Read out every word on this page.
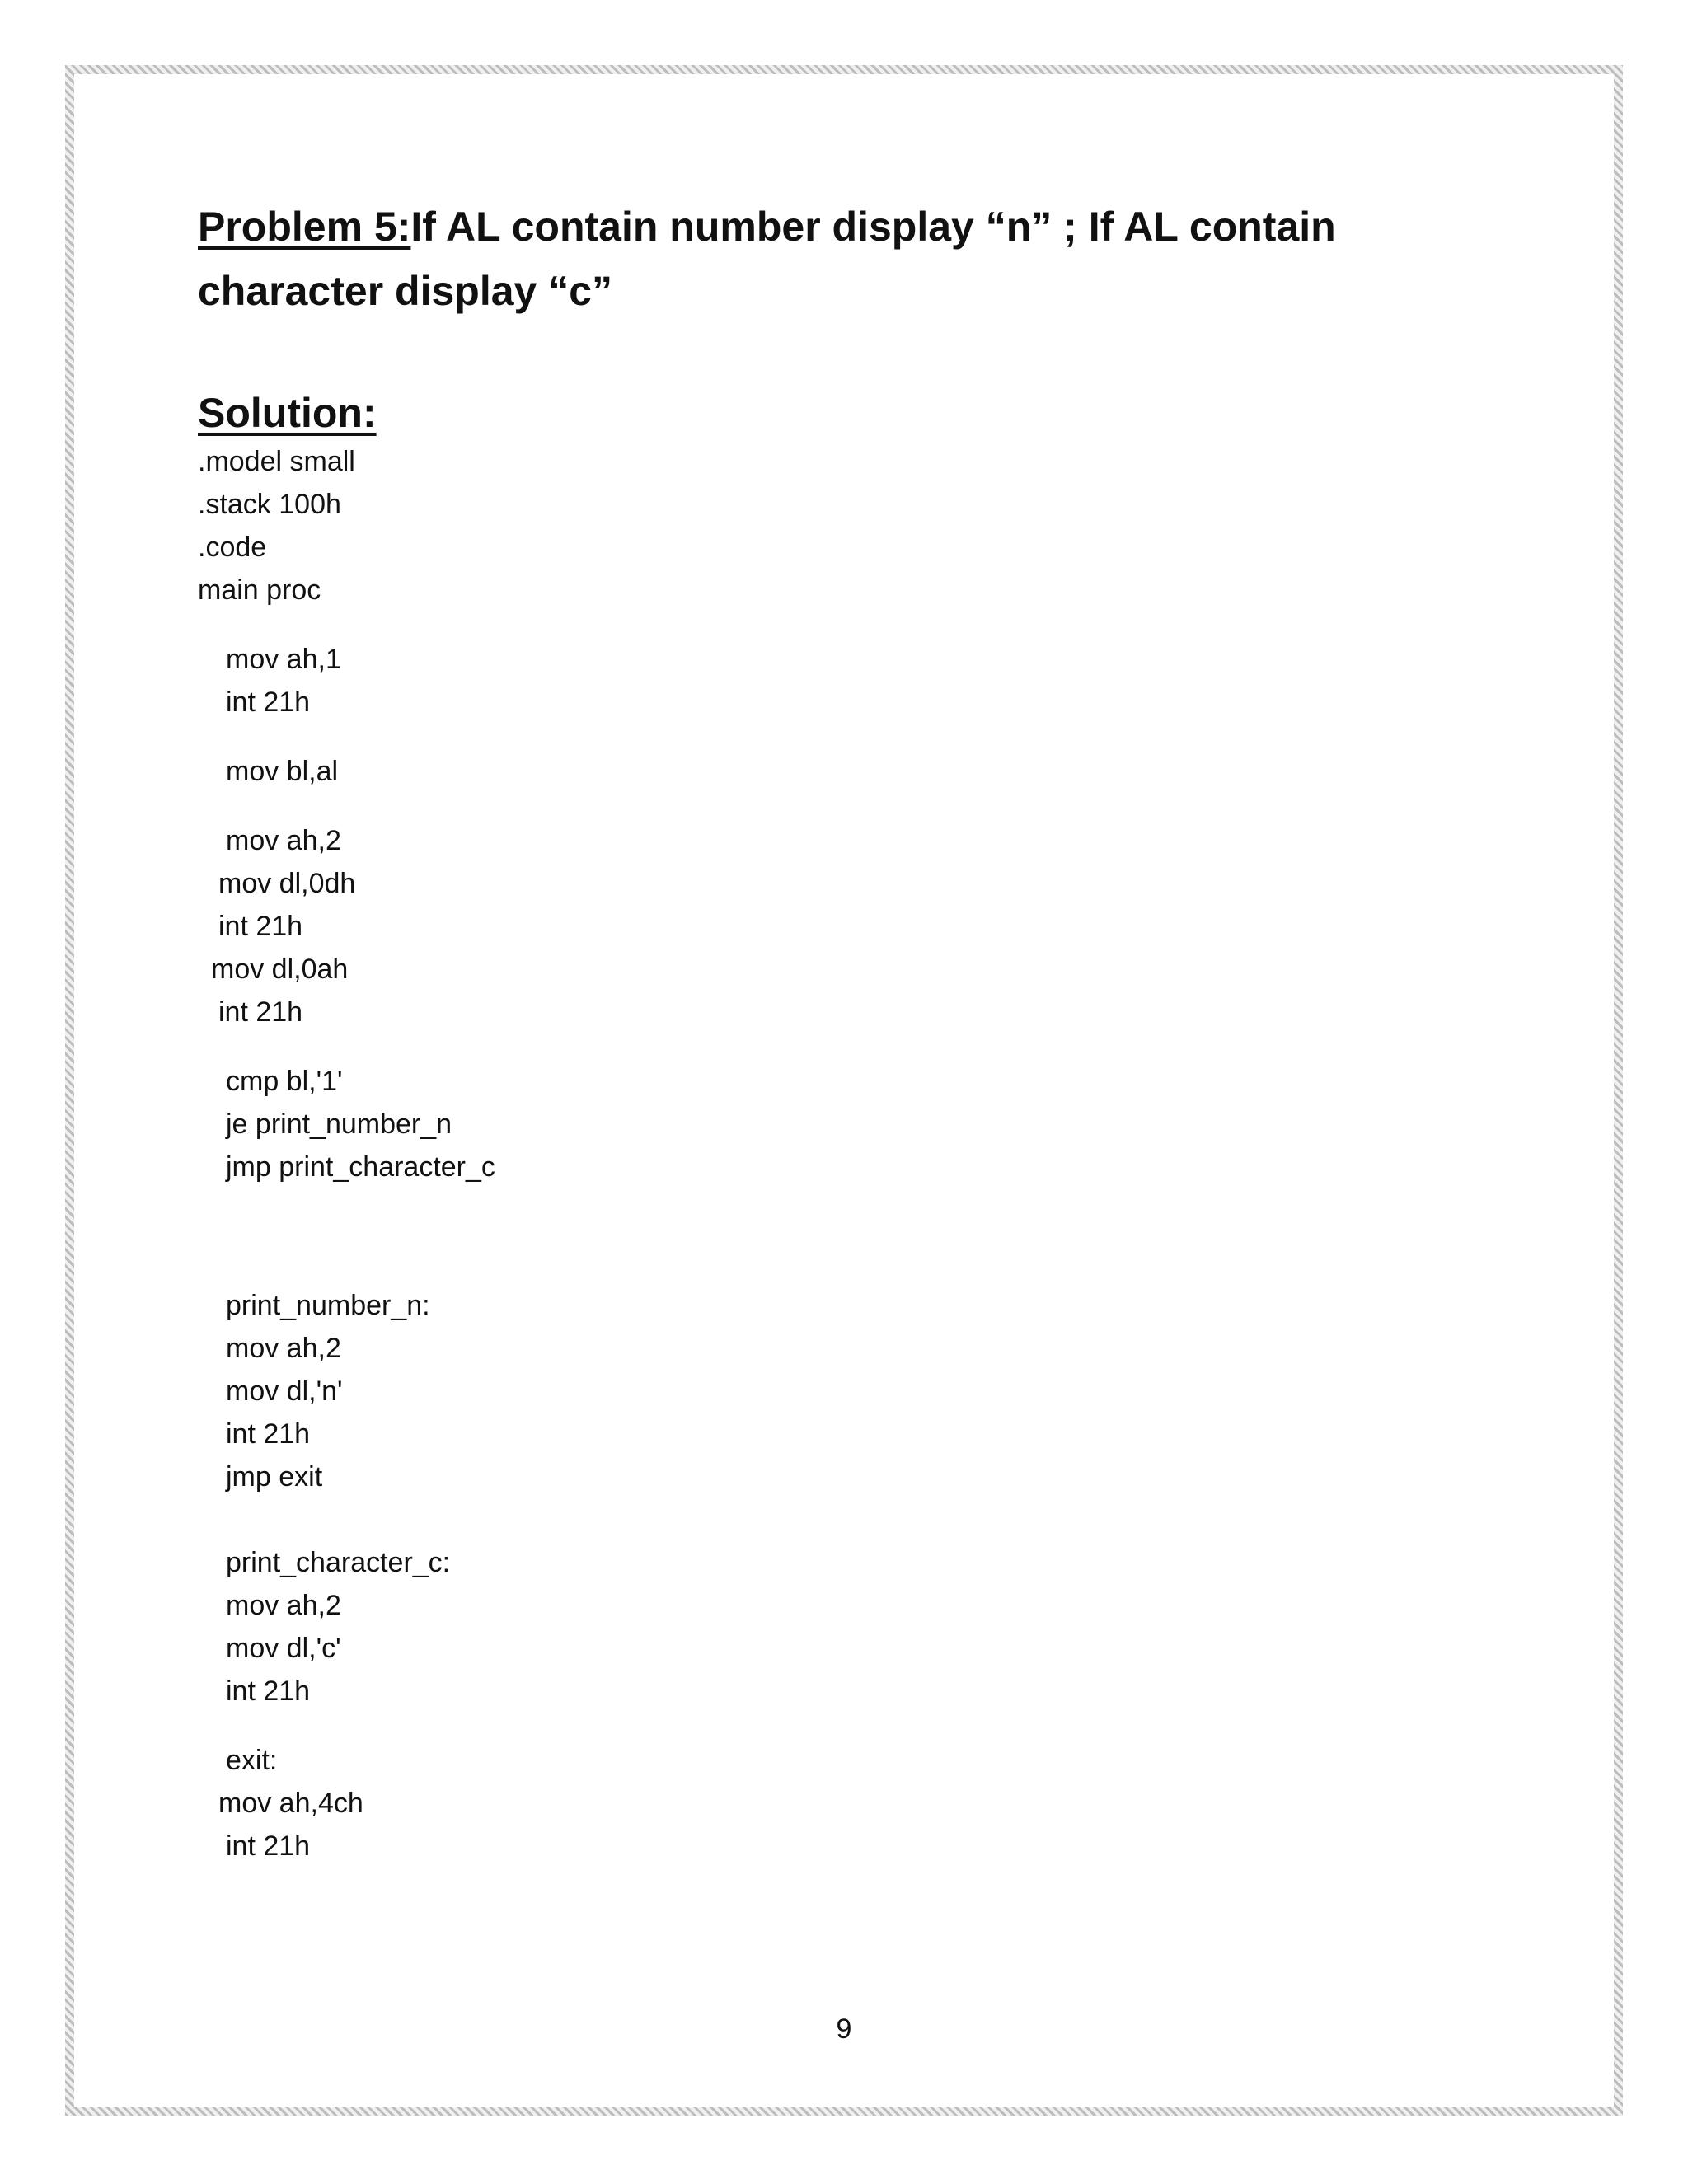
Problem 5:If AL contain number display “n” ; If AL contain character display “c”
Solution:
.model small
.stack 100h
.code
main proc
mov ah,1
int 21h
mov bl,al
mov ah,2
mov dl,0dh
int 21h
mov dl,0ah
int 21h
cmp bl,'1'
je print_number_n
jmp print_character_c
print_number_n:
mov ah,2
mov dl,'n'
int 21h
jmp exit
print_character_c:
mov ah,2
mov dl,'c'
int 21h
exit:
mov ah,4ch
int 21h
9
